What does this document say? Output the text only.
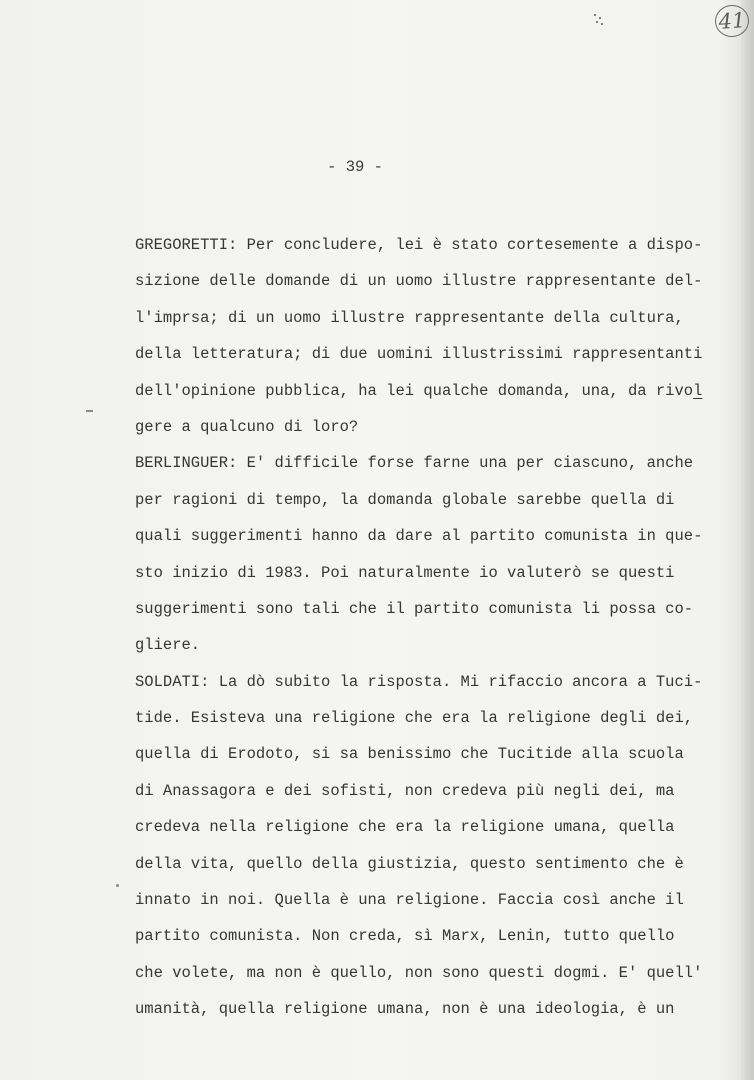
41
- 39 -
GREGORETTI: Per concludere, lei è stato cortesemente a dispo-
sizione delle domande di un uomo illustre rappresentante del-
l'imprsa; di un uomo illustre rappresentante della cultura,
della letteratura; di due uomini illustrissimi rappresentanti
dell'opinione pubblica, ha lei qualche domanda, una, da rivol
gere a qualcuno di loro?
BERLINGUER: E' difficile forse farne una per ciascuno, anche
per ragioni di tempo, la domanda globale sarebbe quella di
quali suggerimenti hanno da dare al partito comunista in que-
sto inizio di 1983. Poi naturalmente io valuterò se questi
suggerimenti sono tali che il partito comunista li possa co-
gliere.
SOLDATI: La dò subito la risposta. Mi rifaccio ancora a Tuci-
tide. Esisteva una religione che era la religione degli dei,
quella di Erodoto, si sa benissimo che Tucitide alla scuola
di Anassagora e dei sofisti, non credeva più negli dei, ma
credeva nella religione che era la religione umana, quella
della vita, quello della giustizia, questo sentimento che è
innato in noi. Quella è una religione. Faccia così anche il
partito comunista. Non creda, sì Marx, Lenin, tutto quello
che volete, ma non è quello, non sono questi dogmi. E' quell'
umanità, quella religione umana, non è una ideologia, è un
